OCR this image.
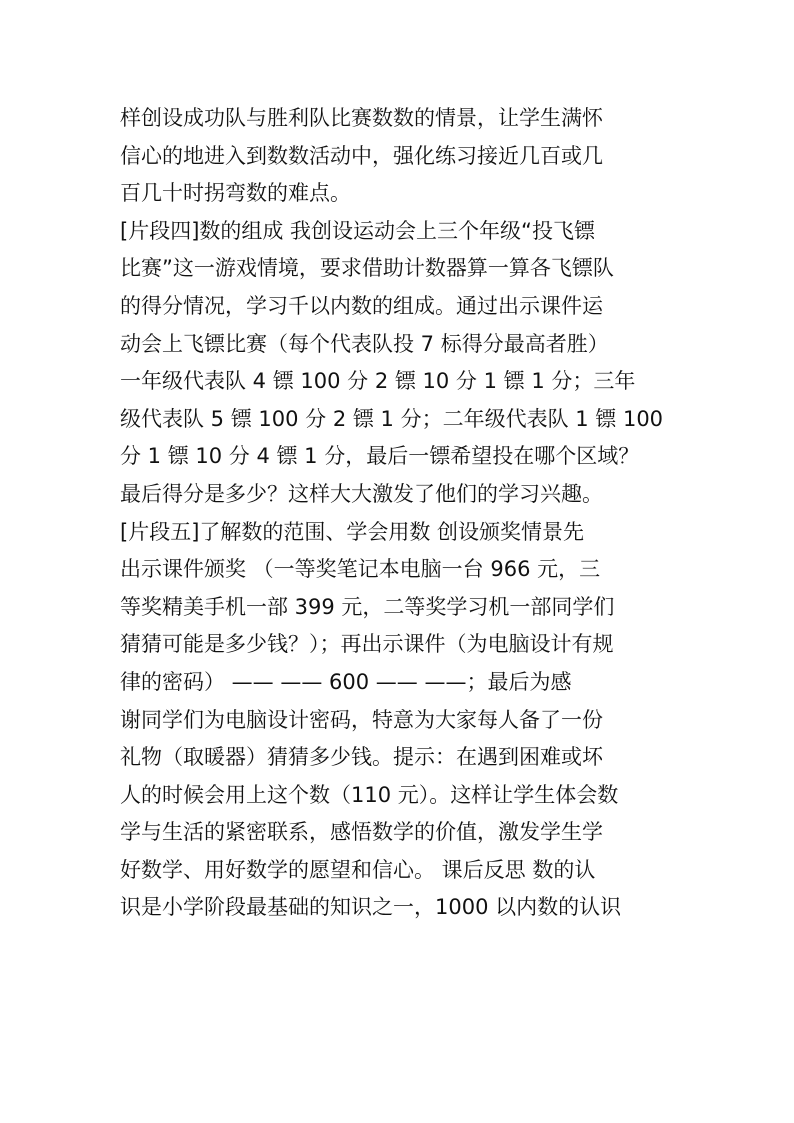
样创设成功队与胜利队比赛数数的情景，让学生满怀
信心的地进入到数数活动中，强化练习接近几百或几
百几十时拐弯数的难点。
[片段四]数的组成 我创设运动会上三个年级“投飞镖
比赛”这一游戏情境，要求借助计数器算一算各飞镖队
的得分情况，学习千以内数的组成。通过出示课件运
动会上飞镖比赛（每个代表队投 7 标得分最高者胜）
一年级代表队 4 镖 100 分 2 镖 10 分 1 镖 1 分；三年
级代表队 5 镖 100 分 2 镖 1 分；二年级代表队 1 镖 100
分 1 镖 10 分 4 镖 1 分，最后一镖希望投在哪个区域？
最后得分是多少？这样大大激发了他们的学习兴趣。
[片段五]了解数的范围、学会用数 创设颁奖情景先
出示课件颁奖 （一等奖笔记本电脑一台 966 元，三
等奖精美手机一部 399 元，二等奖学习机一部同学们
猜猜可能是多少钱？）；再出示课件（为电脑设计有规
律的密码） —— —— 600 —— ——；最后为感
谢同学们为电脑设计密码，特意为大家每人备了一份
礼物（取暖器）猜猜多少钱。提示：在遇到困难或坏
人的时候会用上这个数（110 元）。这样让学生体会数
学与生活的紧密联系，感悟数学的价值，激发学生学
好数学、用好数学的愿望和信心。 课后反思 数的认
识是小学阶段最基础的知识之一，1000 以内数的认识
